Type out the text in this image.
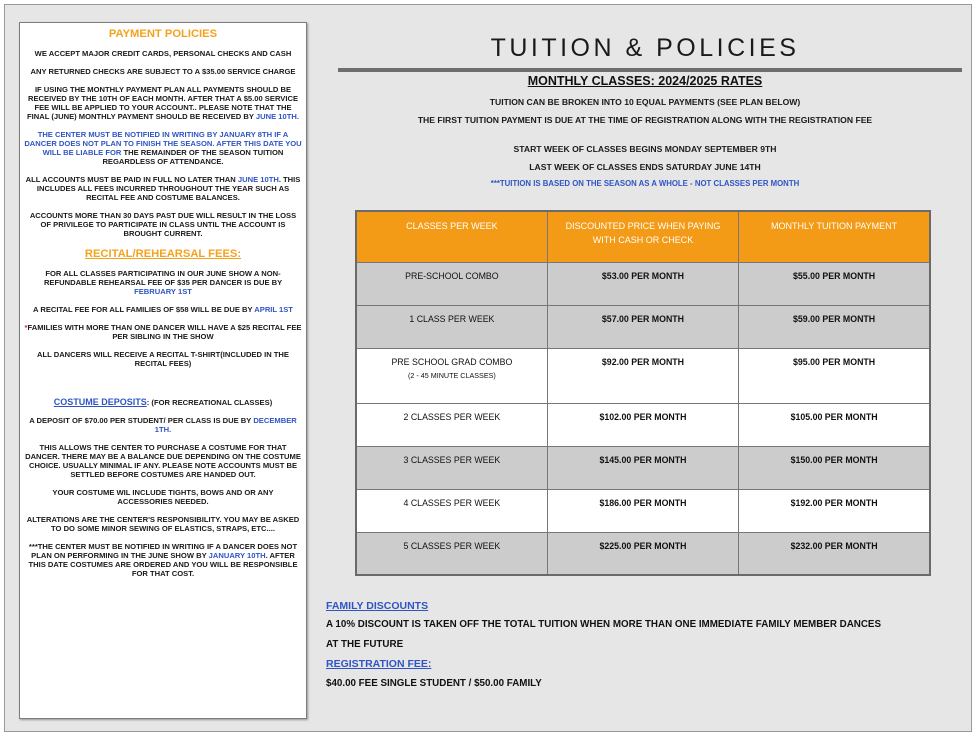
PAYMENT POLICIES

WE ACCEPT MAJOR CREDIT CARDS, PERSONAL CHECKS AND CASH

ANY RETURNED CHECKS ARE SUBJECT TO A $35.00 SERVICE CHARGE

IF USING THE MONTHLY PAYMENT PLAN ALL PAYMENTS SHOULD BE RECEIVED BY THE 10TH OF EACH MONTH. AFTER THAT A $5.00 SERVICE FEE WILL BE APPLIED TO YOUR ACCOUNT.. PLEASE NOTE THAT THE FINAL (JUNE) MONTHLY PAYMENT SHOULD BE RECEIVED BY JUNE 10TH.

THE CENTER MUST BE NOTIFIED IN WRITING BY JANUARY 8TH IF A DANCER DOES NOT PLAN TO FINISH THE SEASON. AFTER THIS DATE YOU WILL BE LIABLE FOR THE REMAINDER OF THE SEASON TUITION REGARDLESS OF ATTENDANCE.

ALL ACCOUNTS MUST BE PAID IN FULL NO LATER THAN JUNE 10TH. THIS INCLUDES ALL FEES INCURRED THROUGHOUT THE YEAR SUCH AS RECITAL FEE AND COSTUME BALANCES.

ACCOUNTS MORE THAN 30 DAYS PAST DUE WILL RESULT IN THE LOSS OF PRIVILEGE TO PARTICIPATE IN CLASS UNTIL THE ACCOUNT IS BROUGHT CURRENT.

RECITAL/REHEARSAL FEES:

FOR ALL CLASSES PARTICIPATING IN OUR JUNE SHOW A NON-REFUNDABLE REHEARSAL FEE OF $35 PER DANCER IS DUE BY FEBRUARY 1ST

A RECITAL FEE FOR ALL FAMILIES OF $58 WILL BE DUE BY APRIL 1ST

*FAMILIES WITH MORE THAN ONE DANCER WILL HAVE A $25 RECITAL FEE PER SIBLING IN THE SHOW

ALL DANCERS WILL RECEIVE A RECITAL T-SHIRT(INCLUDED IN THE RECITAL FEES)

COSTUME DEPOSITS: (FOR RECREATIONAL CLASSES)

A DEPOSIT OF $70.00 PER STUDENT/ PER CLASS IS DUE BY DECEMBER 1TH.

THIS ALLOWS THE CENTER TO PURCHASE A COSTUME FOR THAT DANCER. THERE MAY BE A BALANCE DUE DEPENDING ON THE COSTUME CHOICE. USUALLY MINIMAL IF ANY. PLEASE NOTE ACCOUNTS MUST BE SETTLED BEFORE COSTUMES ARE HANDED OUT.

YOUR COSTUME WIL INCLUDE TIGHTS, BOWS AND OR ANY ACCESSORIES NEEDED.

ALTERATIONS ARE THE CENTER'S RESPONSIBILITY. YOU MAY BE ASKED TO DO SOME MINOR SEWING OF ELASTICS, STRAPS, ETC....

***THE CENTER MUST BE NOTIFIED IN WRITING IF A DANCER DOES NOT PLAN ON PERFORMING IN THE JUNE SHOW BY JANUARY 10TH. AFTER THIS DATE COSTUMES ARE ORDERED AND YOU WILL BE RESPONSIBLE FOR THAT COST.

TUITION & POLICIES
MONTHLY CLASSES: 2024/2025 RATES
TUITION CAN BE BROKEN INTO 10 EQUAL PAYMENTS (SEE PLAN BELOW)
THE FIRST TUITION PAYMENT IS DUE AT THE TIME OF REGISTRATION ALONG WITH THE REGISTRATION FEE
START WEEK OF CLASSES BEGINS MONDAY SEPTEMBER 9TH
LAST WEEK OF CLASSES ENDS SATURDAY JUNE 14TH
***TUITION IS BASED ON THE SEASON AS A WHOLE - NOT CLASSES PER MONTH
CLASSES PER WEEK	DISCOUNTED PRICE WHEN PAYING WITH CASH OR CHECK	MONTHLY TUITION PAYMENT
PRE-SCHOOL COMBO	$53.00 PER MONTH	$55.00 PER MONTH
1 CLASS PER WEEK	$57.00 PER MONTH	$59.00 PER MONTH
PRE SCHOOL GRAD COMBO
(2 - 45 MINUTE CLASSES)	$92.00 PER MONTH	$95.00 PER MONTH
2 CLASSES PER WEEK	$102.00 PER MONTH	$105.00 PER MONTH
3 CLASSES PER WEEK	$145.00 PER MONTH	$150.00 PER MONTH
4 CLASSES PER WEEK	$186.00 PER MONTH	$192.00 PER MONTH
5 CLASSES PER WEEK	$225.00 PER MONTH	$232.00 PER MONTH
FAMILY DISCOUNTS
A 10% DISCOUNT IS TAKEN OFF THE TOTAL TUITION WHEN MORE THAN ONE IMMEDIATE FAMILY MEMBER DANCES
AT THE FUTURE
REGISTRATION FEE:
$40.00 FEE SINGLE STUDENT / $50.00 FAMILY
